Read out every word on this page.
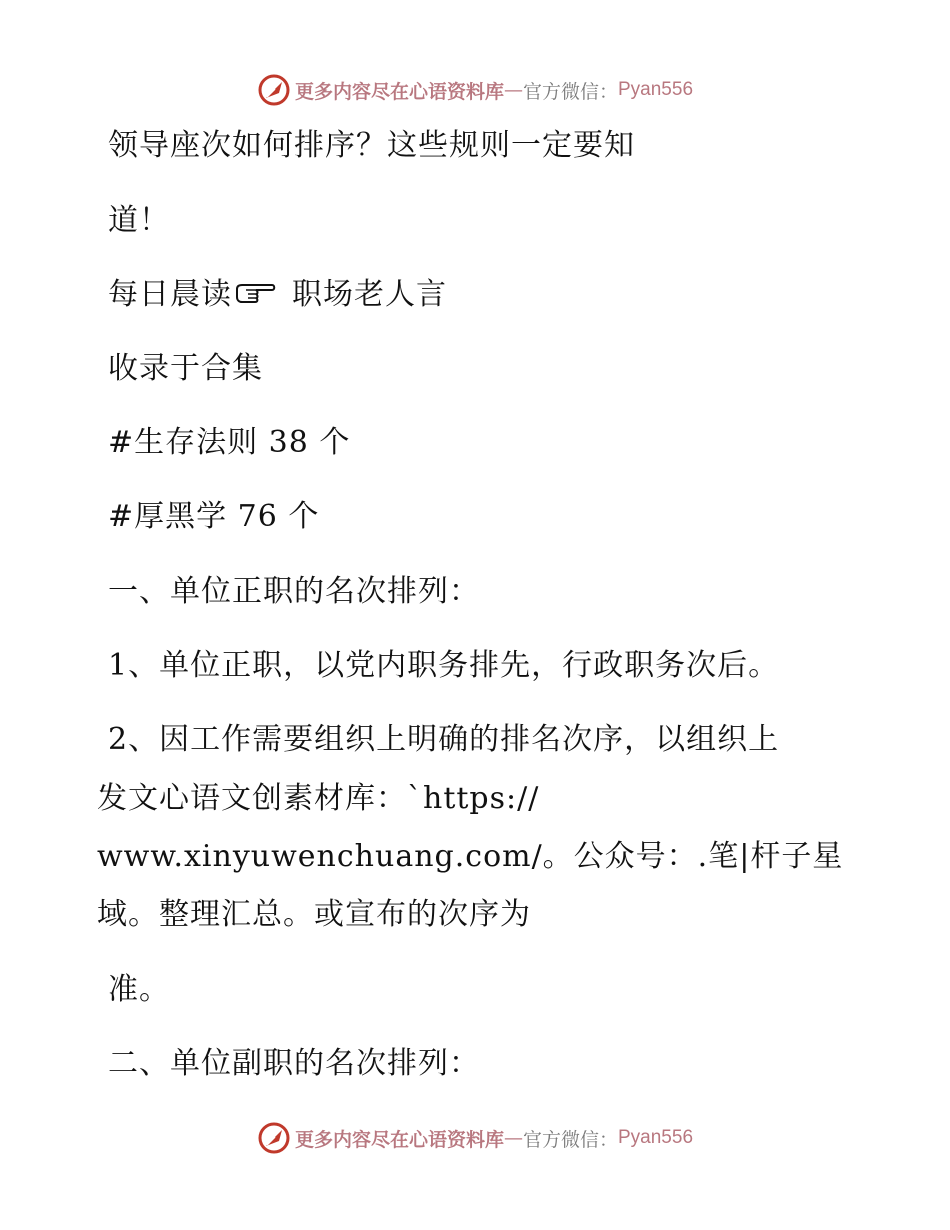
更多内容尽在心语资料库 — 官方微信： Pyan556
领导座次如何排序？这些规则一定要知
道！
每日晨读 职场老人言
收录于合集
#生存法则 38 个
#厚黑学 76 个
一、单位正职的名次排列：
1、单位正职，以党内职务排先，行政职务次后。
2、因工作需要组织上明确的排名次序，以组织上
发文心语文创素材库：`https://
www.xinyuwenchuang.com/。公众号：.笔|杆子星
域。整理汇总。或宣布的次序为
准。
二、单位副职的名次排列：
更多内容尽在心语资料库 — 官方微信： Pyan556
